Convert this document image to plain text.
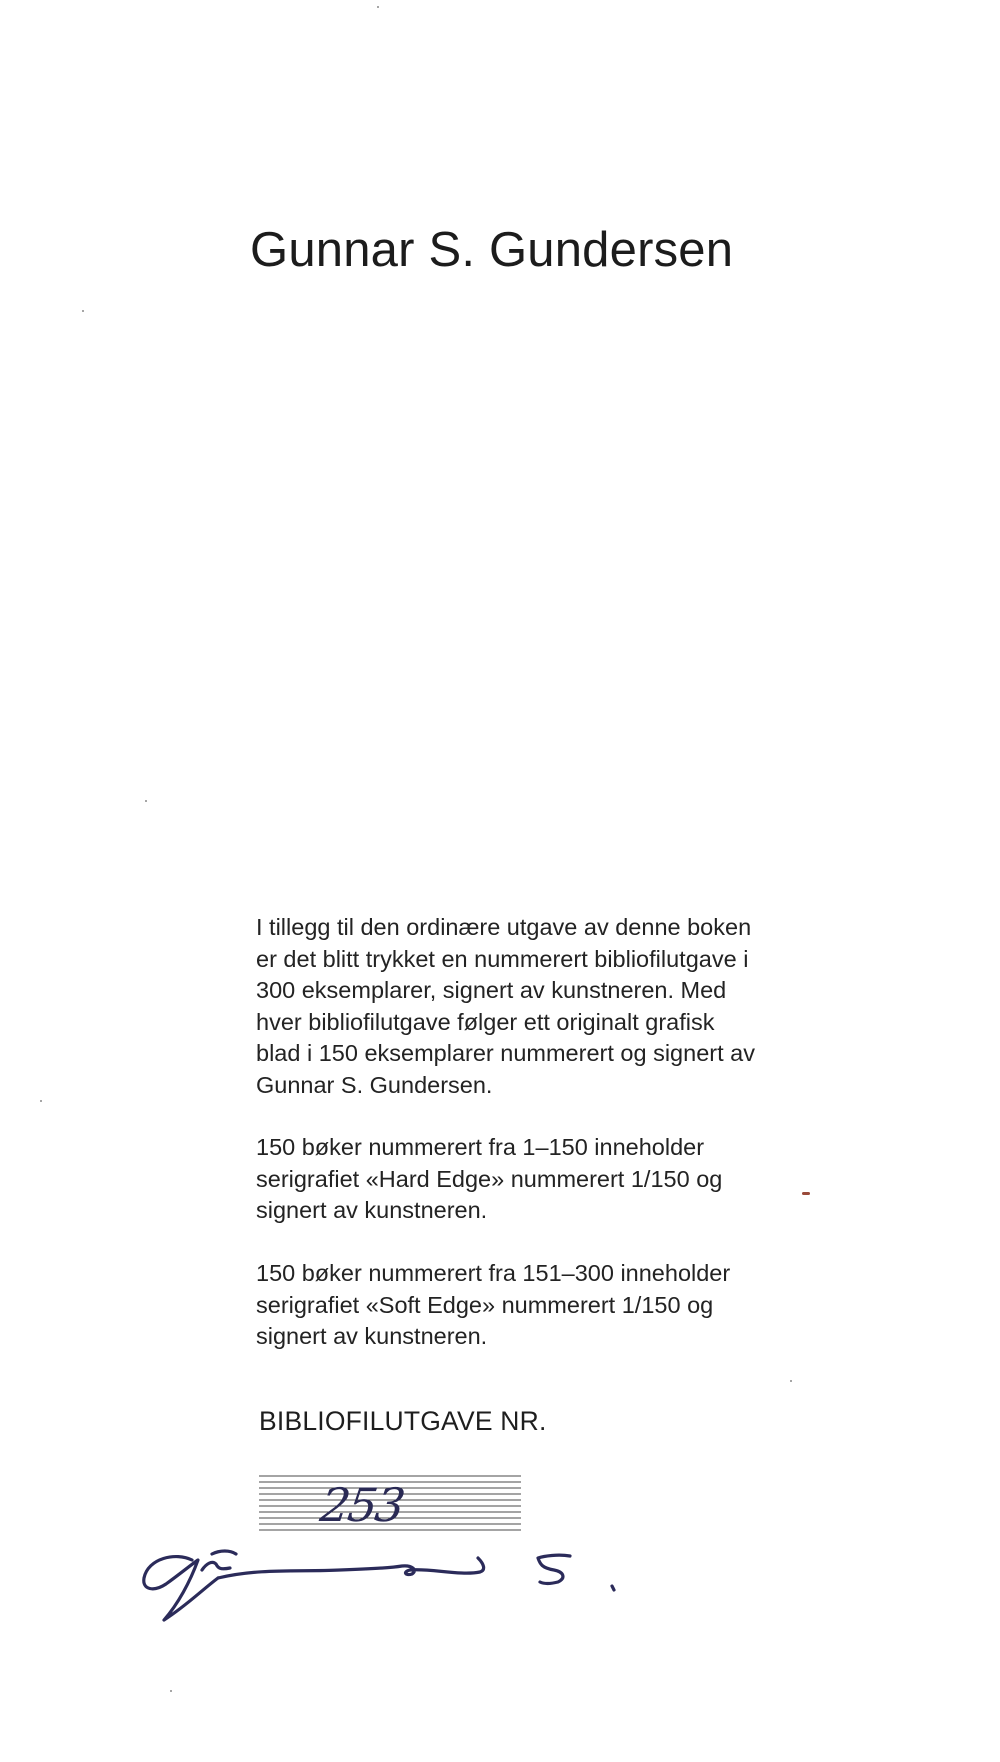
Gunnar S. Gundersen

I tillegg til den ordinære utgave av denne boken
er det blitt trykket en nummerert bibliofilutgave i
300 eksemplarer, signert av kunstneren. Med
hver bibliofilutgave følger ett originalt grafisk
blad i 150 eksemplarer nummerert og signert av
Gunnar S. Gundersen.

150 bøker nummerert fra 1–150 inneholder
serigrafiet «Hard Edge» nummerert 1/150 og
signert av kunstneren.

150 bøker nummerert fra 151–300 inneholder
serigrafiet «Soft Edge» nummerert 1/150 og
signert av kunstneren.

BIBLIOFILUTGAVE NR.
253
